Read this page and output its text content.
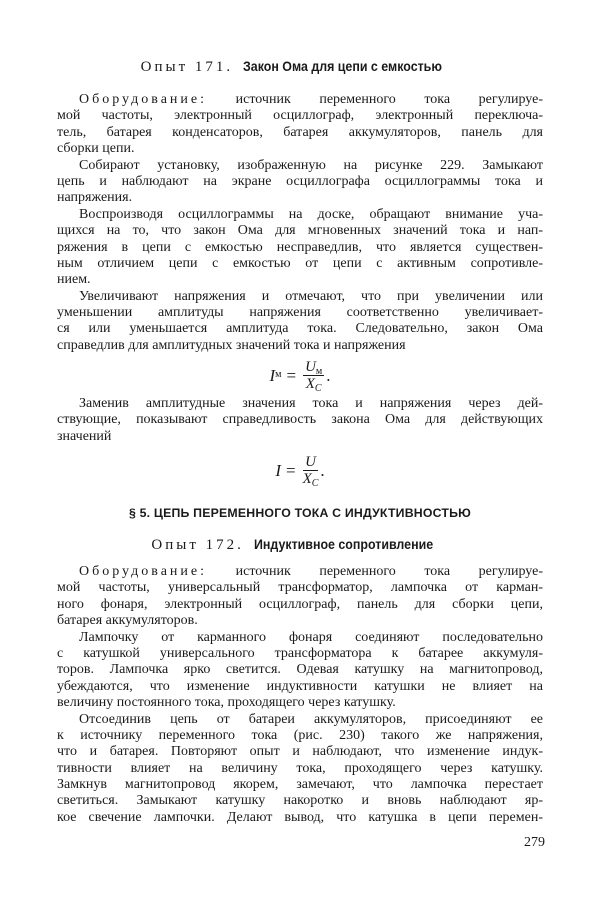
Опыт 171. Закон Ома для цепи с емкостью
Оборудование: источник переменного тока регулируе-
мой частоты, электронный осциллограф, электронный переключа-
тель, батарея конденсаторов, батарея аккумуляторов, панель для
сборки цепи.
Собирают установку, изображенную на рисунке 229. Замыкают
цепь и наблюдают на экране осциллографа осциллограммы тока и
напряжения.
Воспроизводя осциллограммы на доске, обращают внимание уча-
щихся на то, что закон Ома для мгновенных значений тока и нап-
ряжения в цепи с емкостью несправедлив, что является существен-
ным отличием цепи с емкостью от цепи с активным сопротивле-
нием.
Увеличивают напряжения и отмечают, что при увеличении или
уменьшении амплитуды напряжения соответственно увеличивает-
ся или уменьшается амплитуда тока. Следовательно, закон Ома
справедлив для амплитудных значений тока и напряжения
I $м = \frac{U_м}{X_C}$ .
Заменив амплитудные значения тока и напряжения через дей-
ствующие, показывают справедливость закона Ома для действующих
значений
$I = \frac{U}{X_C}$ .
§ 5. ЦЕПЬ ПЕРЕМЕННОГО ТОКА С ИНДУКТИВНОСТЬЮ
Опыт 172. Индуктивное сопротивление
Оборудование: источник переменного тока регулируе-
мой частоты, универсальный трансформатор, лампочка от карман-
ного фонаря, электронный осциллограф, панель для сборки цепи,
батарея аккумуляторов.
Лампочку от карманного фонаря соединяют последовательно
с катушкой универсального трансформатора к батарее аккумуля-
торов. Лампочка ярко светится. Одевая катушку на магнитопровод,
убеждаются, что изменение индуктивности катушки не влияет на
величину постоянного тока, проходящего через катушку.
Отсоединив цепь от батареи аккумуляторов, присоединяют ее
к источнику переменного тока (рис. 230) такого же напряжения,
что и батарея. Повторяют опыт и наблюдают, что изменение индук-
тивности влияет на величину тока, проходящего через катушку.
Замкнув магнитопровод якорем, замечают, что лампочка перестает
светиться. Замыкают катушку накоротко и вновь наблюдают яр-
кое свечение лампочки. Делают вывод, что катушка в цепи перемен-
279
